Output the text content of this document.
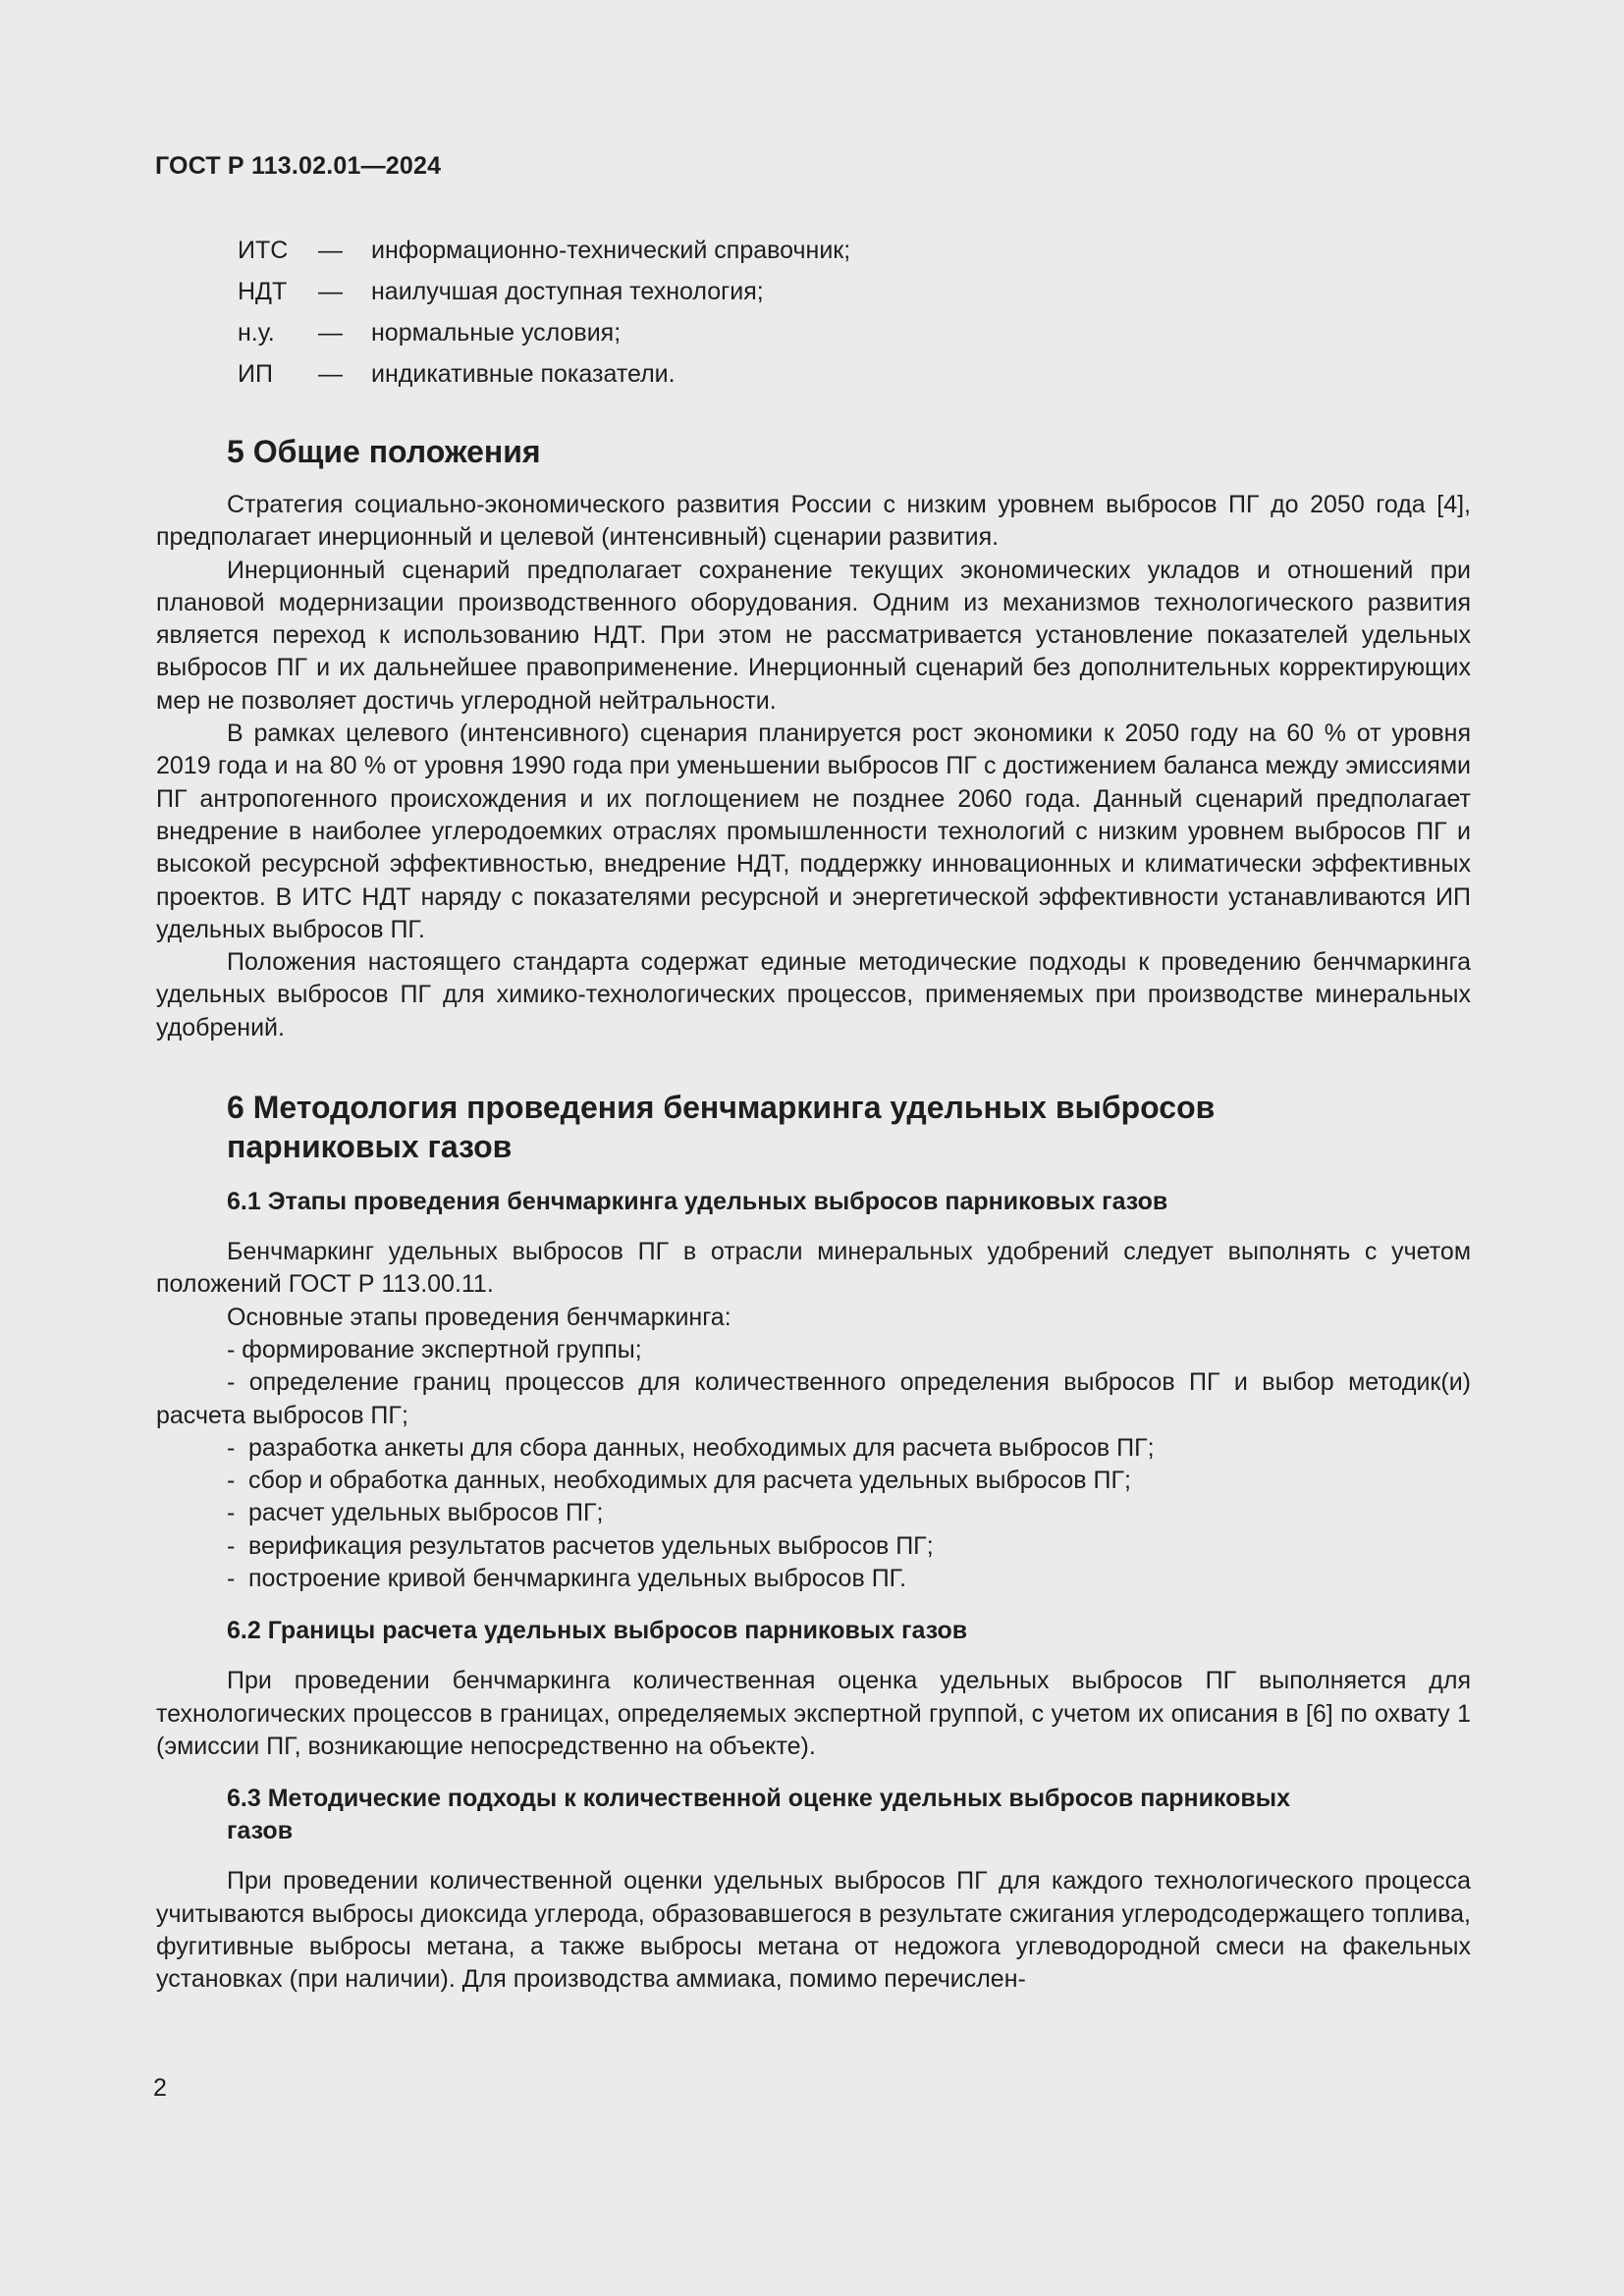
ГОСТ Р 113.02.01—2024
ИТС — информационно-технический справочник;
НДТ — наилучшая доступная технология;
н.у. — нормальные условия;
ИП — индикативные показатели.
5 Общие положения

Стратегия социально-экономического развития России с низким уровнем выбросов ПГ до 2050 года [4], предполагает инерционный и целевой (интенсивный) сценарии развития.

Инерционный сценарий предполагает сохранение текущих экономических укладов и отношений при плановой модернизации производственного оборудования. Одним из механизмов технологического развития является переход к использованию НДТ. При этом не рассматривается установление показателей удельных выбросов ПГ и их дальнейшее правоприменение. Инерционный сценарий без дополнительных корректирующих мер не позволяет достичь углеродной нейтральности.

В рамках целевого (интенсивного) сценария планируется рост экономики к 2050 году на 60 % от уровня 2019 года и на 80 % от уровня 1990 года при уменьшении выбросов ПГ с достижением баланса между эмиссиями ПГ антропогенного происхождения и их поглощением не позднее 2060 года. Данный сценарий предполагает внедрение в наиболее углеродоемких отраслях промышленности технологий с низким уровнем выбросов ПГ и высокой ресурсной эффективностью, внедрение НДТ, поддержку инновационных и климатически эффективных проектов. В ИТС НДТ наряду с показателями ресурсной и энергетической эффективности устанавливаются ИП удельных выбросов ПГ.

Положения настоящего стандарта содержат единые методические подходы к проведению бенчмаркинга удельных выбросов ПГ для химико-технологических процессов, применяемых при производстве минеральных удобрений.

6 Методология проведения бенчмаркинга удельных выбросов
парниковых газов
6.1 Этапы проведения бенчмаркинга удельных выбросов парниковых газов

Бенчмаркинг удельных выбросов ПГ в отрасли минеральных удобрений следует выполнять с учетом положений ГОСТ Р 113.00.11.

Основные этапы проведения бенчмаркинга:

- формирование экспертной группы;

- определение границ процессов для количественного определения выбросов ПГ и выбор методик(и) расчета выбросов ПГ;

- разработка анкеты для сбора данных, необходимых для расчета выбросов ПГ;
- сбор и обработка данных, необходимых для расчета удельных выбросов ПГ;
- расчет удельных выбросов ПГ;
- верификация результатов расчетов удельных выбросов ПГ;
- построение кривой бенчмаркинга удельных выбросов ПГ.
6.2 Границы расчета удельных выбросов парниковых газов

При проведении бенчмаркинга количественная оценка удельных выбросов ПГ выполняется для технологических процессов в границах, определяемых экспертной группой, с учетом их описания в [6] по охвату 1 (эмиссии ПГ, возникающие непосредственно на объекте).

6.3 Методические подходы к количественной оценке удельных выбросов парниковых
газов

При проведении количественной оценки удельных выбросов ПГ для каждого технологического процесса учитываются выбросы диоксида углерода, образовавшегося в результате сжигания углеродсодержащего топлива, фугитивные выбросы метана, а также выбросы метана от недожога углеводородной смеси на факельных установках (при наличии). Для производства аммиака, помимо перечислен-

2
